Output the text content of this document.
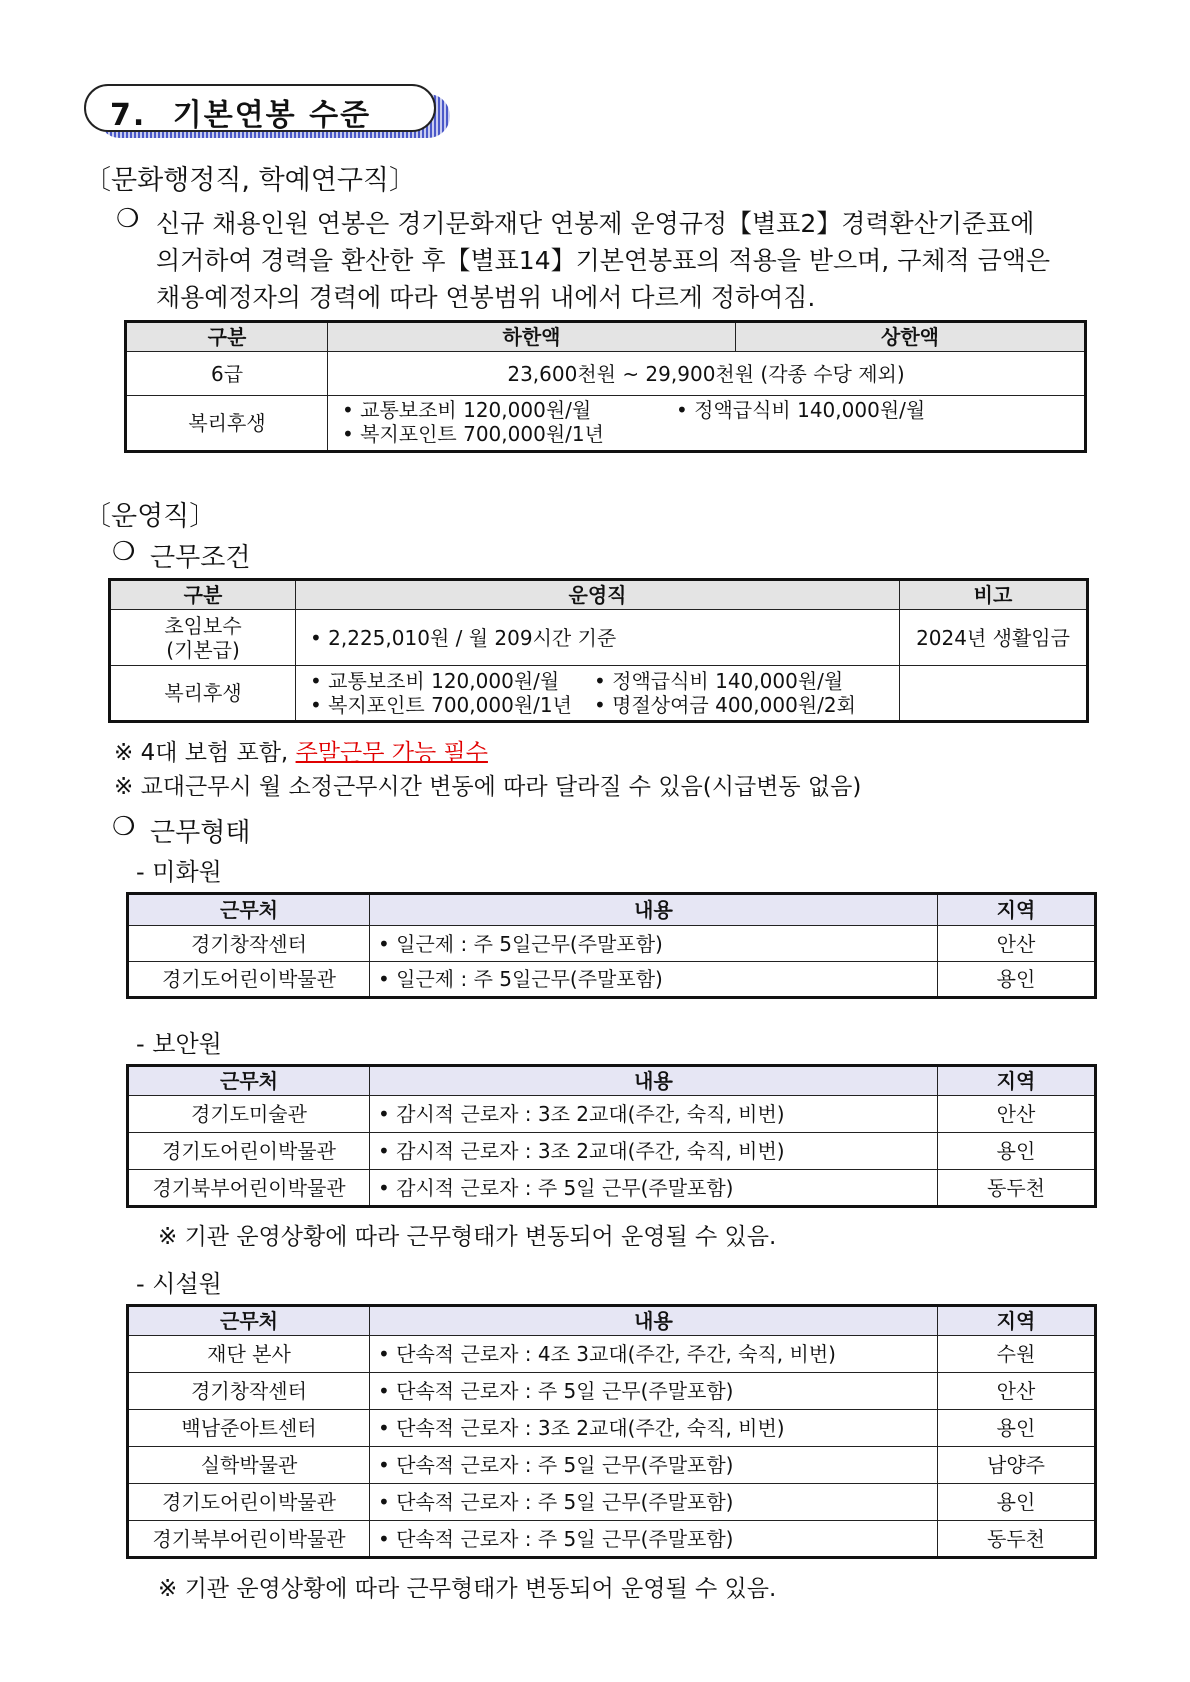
7. 기본연봉 수준
〔문화행정직, 학예연구직〕
❍ 신규 채용인원 연봉은 경기문화재단 연봉제 운영규정【별표2】경력환산기준표에
의거하여 경력을 환산한 후【별표14】기본연봉표의 적용을 받으며, 구체적 금액은
채용예정자의 경력에 따라 연봉범위 내에서 다르게 정하여짐.
구분	하한액	상한액
6급	23,600천원 ~ 29,900천원 (각종 수당 제외)	
복리후생	• 교통보조비 120,000원/월 • 정액급식비 140,000원/월
• 복지포인트 700,000원/1년	
〔운영직〕
❍ 근무조건
구분	운영직	비고

초임보수
(기본급)	• 2,225,010원 / 월 209시간 기준	2024년 생활임금
복리후생	• 교통보조비 120,000원/월 • 정액급식비 140,000원/월
• 복지포인트 700,000원/1년 • 명절상여금 400,000원/2회	

※ 4대 보험 포함, 주말근무 가능 필수
※ 교대근무시 월 소정근무시간 변동에 따라 달라질 수 있음(시급변동 없음)
❍ 근무형태
- 미화원
근무처	내용	지역
경기창작센터	• 일근제 : 주 5일근무(주말포함)	안산
경기도어린이박물관	• 일근제 : 주 5일근무(주말포함)	용인
- 보안원
근무처	내용	지역
경기도미술관	• 감시적 근로자 : 3조 2교대(주간, 숙직, 비번)	안산
경기도어린이박물관	• 감시적 근로자 : 3조 2교대(주간, 숙직, 비번)	용인
경기북부어린이박물관	• 감시적 근로자 : 주 5일 근무(주말포함)	동두천
※ 기관 운영상황에 따라 근무형태가 변동되어 운영될 수 있음.
- 시설원
근무처	내용	지역
재단 본사	• 단속적 근로자 : 4조 3교대(주간, 주간, 숙직, 비번)	수원
경기창작센터	• 단속적 근로자 : 주 5일 근무(주말포함)	안산
백남준아트센터	• 단속적 근로자 : 3조 2교대(주간, 숙직, 비번)	용인
실학박물관	• 단속적 근로자 : 주 5일 근무(주말포함)	남양주
경기도어린이박물관	• 단속적 근로자 : 주 5일 근무(주말포함)	용인
경기북부어린이박물관	• 단속적 근로자 : 주 5일 근무(주말포함)	동두천
※ 기관 운영상황에 따라 근무형태가 변동되어 운영될 수 있음.
